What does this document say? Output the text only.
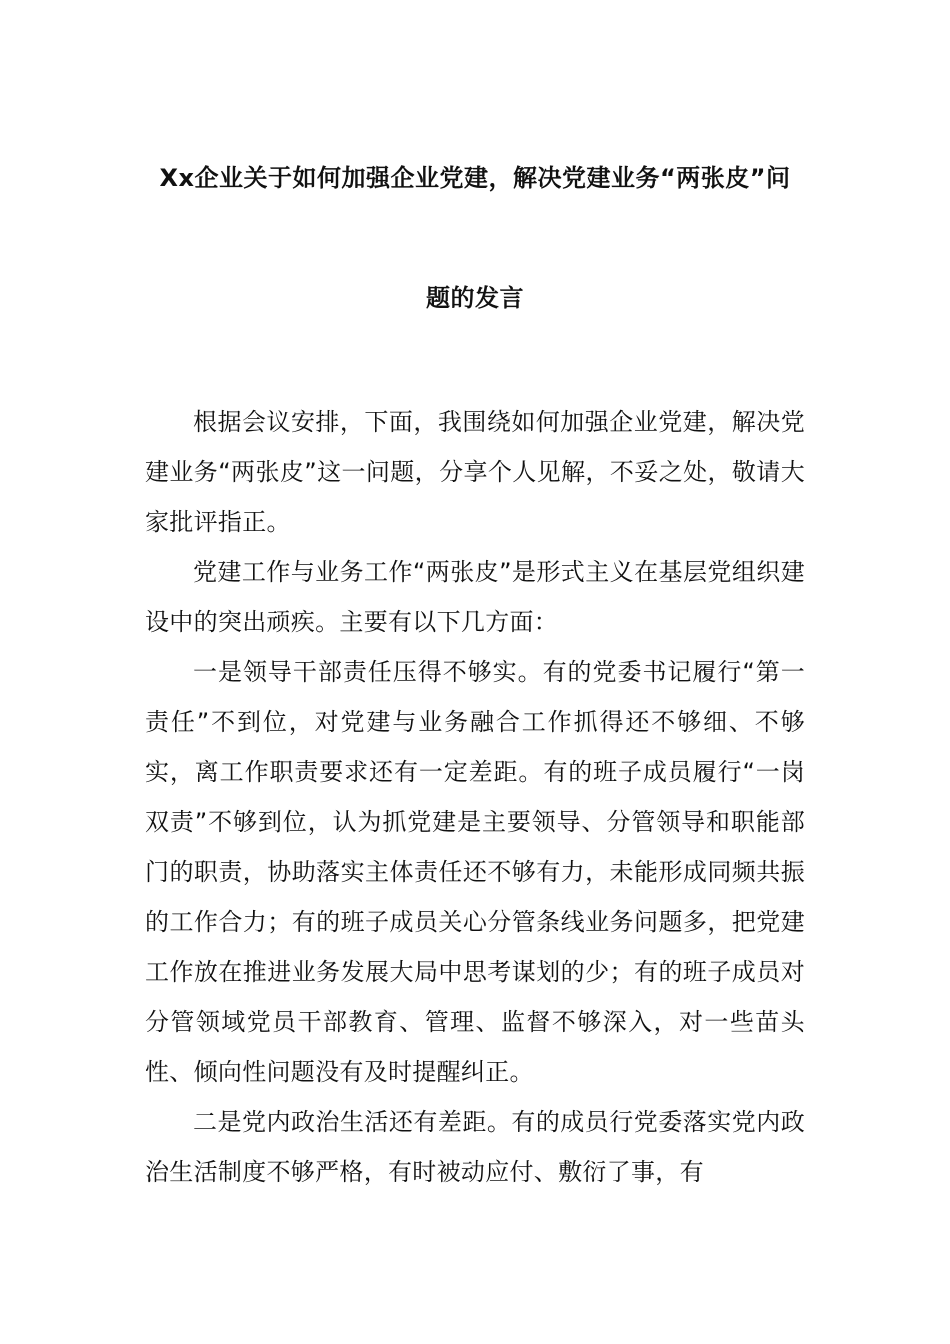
Xx企业关于如何加强企业党建，解决党建业务“两张皮”问
题的发言

根据会议安排，下面，我围绕如何加强企业党建，解决党建业务“两张皮”这一问题，分享个人见解，不妥之处，敬请大家批评指正。

党建工作与业务工作“两张皮”是形式主义在基层党组织建设中的突出顽疾。主要有以下几方面：

一是领导干部责任压得不够实。有的党委书记履行“第一责任”不到位，对党建与业务融合工作抓得还不够细、不够实，离工作职责要求还有一定差距。有的班子成员履行“一岗双责”不够到位，认为抓党建是主要领导、分管领导和职能部门的职责，协助落实主体责任还不够有力，未能形成同频共振的工作合力；有的班子成员关心分管条线业务问题多，把党建工作放在推进业务发展大局中思考谋划的少；有的班子成员对分管领域党员干部教育、管理、监督不够深入，对一些苗头性、倾向性问题没有及时提醒纠正。

二是党内政治生活还有差距。有的成员行党委落实党内政治生活制度不够严格，有时被动应付、敷衍了事，有
